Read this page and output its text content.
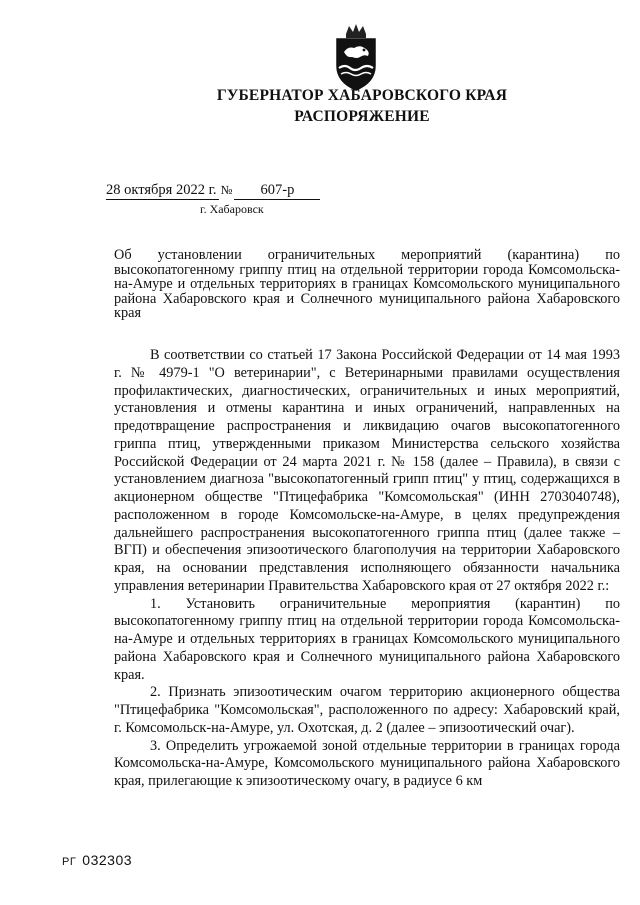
ГУБЕРНАТОР ХАБАРОВСКОГО КРАЯ
РАСПОРЯЖЕНИЕ
28 октября 2022 г. № 607-р
г. Хабаровск
Об установлении ограничительных мероприятий (карантина) по высокопатогенному гриппу птиц на отдельной территории города Комсомольска-на-Амуре и отдельных территориях в границах Комсомольского муниципального района Хабаровского края и Солнечного муниципального района Хабаровского края

В соответствии со статьей 17 Закона Российской Федерации от 14 мая 1993 г. № 4979-1 "О ветеринарии", с Ветеринарными правилами осуществления профилактических, диагностических, ограничительных и иных мероприятий, установления и отмены карантина и иных ограничений, направленных на предотвращение распространения и ликвидацию очагов высокопатогенного гриппа птиц, утвержденными приказом Министерства сельского хозяйства Российской Федерации от 24 марта 2021 г. № 158 (далее – Правила), в связи с установлением диагноза "высокопатогенный грипп птиц" у птиц, содержащихся в акционерном обществе "Птицефабрика "Комсомольская" (ИНН 2703040748), расположенном в городе Комсомольске-на-Амуре, в целях предупреждения дальнейшего распространения высокопатогенного гриппа птиц (далее также – ВГП) и обеспечения эпизоотического благополучия на территории Хабаровского края, на основании представления исполняющего обязанности начальника управления ветеринарии Правительства Хабаровского края от 27 октября 2022 г.:

1. Установить ограничительные мероприятия (карантин) по высокопатогенному гриппу птиц на отдельной территории города Комсомольска-на-Амуре и отдельных территориях в границах Комсомольского муниципального района Хабаровского края и Солнечного муниципального района Хабаровского края.

2. Признать эпизоотическим очагом территорию акционерного общества "Птицефабрика "Комсомольская", расположенного по адресу: Хабаровский край, г. Комсомольск-на-Амуре, ул. Охотская, д. 2 (далее – эпизоотический очаг).

3. Определить угрожаемой зоной отдельные территории в границах города Комсомольска-на-Амуре, Комсомольского муниципального района Хабаровского края, прилегающие к эпизоотическому очагу, в радиусе 6 км

РГ 032303
